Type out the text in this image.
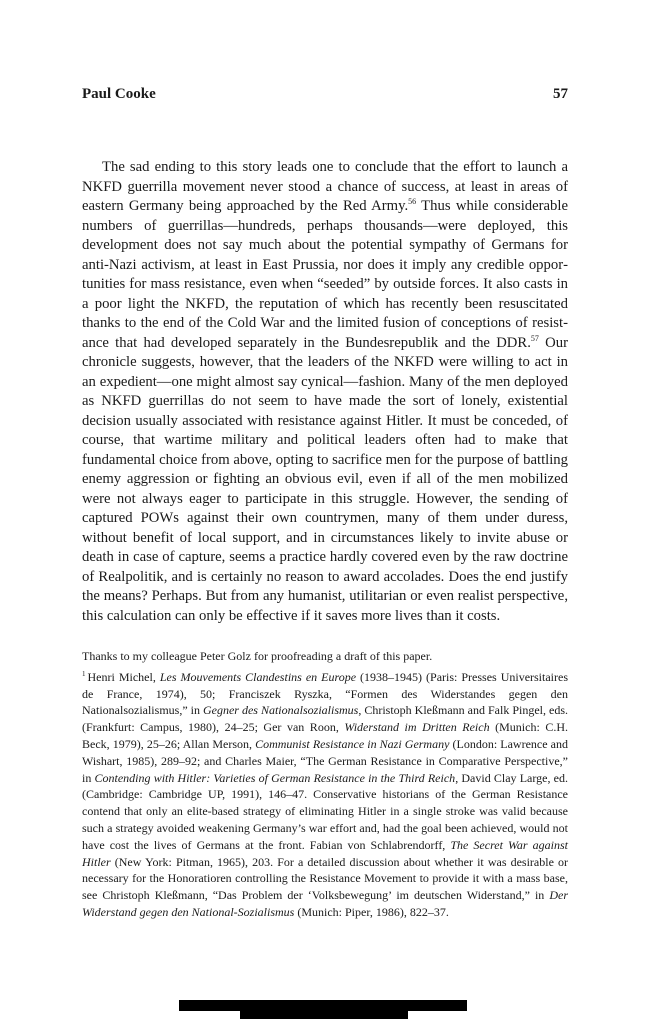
Paul Cooke	57

The sad ending to this story leads one to conclude that the effort to launch a NKFD guerrilla movement never stood a chance of success, at least in areas of eastern Germany being approached by the Red Army.$^{56}$ Thus while considerable numbers of guerrillas—hundreds, perhaps thousands—were deployed, this development does not say much about the potential sympathy of Germans for anti-Nazi activism, at least in East Prussia, nor does it imply any credible opportunities for mass resistance, even when “seeded” by outside forces. It also casts in a poor light the NKFD, the reputation of which has recently been resuscitated thanks to the end of the Cold War and the limited fusion of conceptions of resistance that had developed separately in the Bundesrepublik and the DDR.$^{57}$ Our chronicle suggests, however, that the leaders of the NKFD were willing to act in an expedient—one might almost say cynical—fashion. Many of the men deployed as NKFD guerrillas do not seem to have made the sort of lonely, existential decision usually associated with resistance against Hitler. It must be conceded, of course, that wartime military and political leaders often had to make that fundamental choice from above, opting to sacrifice men for the purpose of battling enemy aggression or fighting an obvious evil, even if all of the men mobilized were not always eager to participate in this struggle. However, the sending of captured POWs against their own countrymen, many of them under duress, without benefit of local support, and in circumstances likely to invite abuse or death in case of capture, seems a practice hardly covered even by the raw doctrine of Realpolitik, and is certainly no reason to award accolades. Does the end justify the means? Perhaps. But from any humanist, utilitarian or even realist perspective, this calculation can only be effective if it saves more lives than it costs.

Thanks to my colleague Peter Golz for proofreading a draft of this paper.

$^1$ Henri Michel, Les Mouvements Clandestins en Europe (1938–1945) (Paris: Presses Universitaires de France, 1974), 50; Franciszek Ryszka, “Formen des Widerstandes gegen den Nationalsozialismus,” in Gegner des Nationalsozialismus, Christoph Kleßmann and Falk Pingel, eds. (Frankfurt: Campus, 1980), 24–25; Ger van Roon, Widerstand im Dritten Reich (Munich: C.H. Beck, 1979), 25–26; Allan Merson, Communist Resistance in Nazi Germany (London: Lawrence and Wishart, 1985), 289–92; and Charles Maier, “The German Resistance in Comparative Perspective,” in Contending with Hitler: Varieties of German Resistance in the Third Reich, David Clay Large, ed. (Cambridge: Cambridge UP, 1991), 146–47. Conservative historians of the German Resistance contend that only an elite-based strategy of eliminating Hitler in a single stroke was valid because such a strategy avoided weakening Germany’s war effort and, had the goal been achieved, would not have cost the lives of Germans at the front. Fabian von Schlabrendorff, The Secret War against Hitler (New York: Pitman, 1965), 203. For a detailed discussion about whether it was desirable or necessary for the Honoratioren controlling the Resistance Movement to provide it with a mass base, see Christoph Kleßmann, “Das Problem der ‘Volksbewegung’ im deutschen Widerstand,” in Der Widerstand gegen den National-Sozialismus (Munich: Piper, 1986), 822–37.
